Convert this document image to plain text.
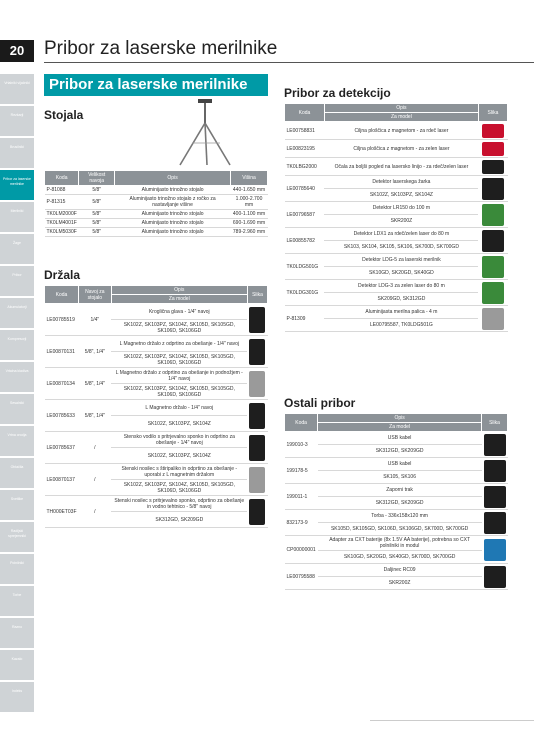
20	Pribor za laserske merilnike
Vrtalniki vijačniki
Rezkarji
Brusilniki
Pribor za laserske merilnike
Merilniki
Žage
Pribor
Akumulatorji
Kompresorji
Vrtalna kladiva
Sesalniki
Vrtna orodja
Oblačila
Svetilke
Radijski sprejemniki
Polnilniki
Torbe
Razno
Kazalo
Indeks
Pribor za laserske merilnike
Stojala
Koda	Velikost navoja	Opis	Višina
P-81088	5/8"	Aluminijasto trinožno stojalo	440-1.650 mm
P-81315	5/8"	Aluminijasto trinožno stojalo z ročko za nastavljanje višine	1.000-2.700 mm
TK0LM2000F	5/8"	Aluminijasto trinožno stojalo	400-1.100 mm
TK0LM4001F	5/8"	Aluminijasto trinožno stojalo	690-1.690 mm
TK0LM5030F	5/8"	Aluminijasto trinožno stojalo	789-2.960 mm
Držala
Koda	Navoj za stojalo	Opis	Slika
		Za model	
LE00785519	1/4"	Kroglična glava - 1/4" navoj	

		SK102Z, SK103PZ, SK104Z, SK105D, SK105GD, SK106D, SK106GD	
LE00870131	5/8", 1/4"	L Magnetno držalo z odprtino za obešanje - 1/4" navoj	

		SK102Z, SK103PZ, SK104Z, SK105D, SK105GD, SK106D, SK106GD	
LE00870134	5/8", 1/4"	L Magnetno držalo z odprtino za obešanje in podnožjem - 1/4" navoj	

		SK102Z, SK103PZ, SK104Z, SK105D, SK105GD, SK106D, SK106GD	
LE00785633	5/8", 1/4"	L Magnetno držalo - 1/4" navoj	

		SK102Z, SK103PZ, SK104Z	
LE00785637	/	Stensko vodilo s pritrjevalno sponko in odprtino za obešanje - 1/4" navoj	

		SK102Z, SK103PZ, SK104Z	
LE00870137	/	Stenski nosilec s štiripaliko in odprtino za obešanje - uporabi z L magnetnim držalom	

		SK102Z, SK103PZ, SK104Z, SK105D, SK105GD, SK106D, SK106GD	
TH000ET03F	/	Stenski nosilec s pritrjevalno sponko, odprtino za obešanje in vodno tehtnico - 5/8" navoj	

		SK312GD, SK209GD	
Pribor za detekcijo
Koda	Opis	Slika
	Za model	
LE00758831	Ciljna ploščica z magnetom - za rdeč laser	

LE00823195	Ciljna ploščica z magnetom - za zelen laser	

TK0LBG2000	Očala za boljši pogled na lasersko linijo - za rdeč/zelen laser	

LE00785640	Detektor laserskega žarka	

	SK102Z, SK103PZ, SK104Z	
LE00796587	Detektor LR150 do 100 m	

	SKR200Z	
LE00855782	Detektor LDX1 za rdeč/zelen laser do 80 m	

	SK103, SK104, SK105, SK106, SK700D, SK700GD	
TK0LDG501G	Detektor LDG-5 za laserski merilnik	

	SK10GD, SK20GD, SK40GD	
TK0LDG301G	Detektor LDG-3 za zelen laser do 80 m	

	SK209GD, SK312GD	
P-81309	Aluminijasta merilna palica - 4 m	

	LE00795587, TK0LDG501G	
Ostali pribor
Koda	Opis	Slika
	Za model	
199010-3	USB kabel	

	SK312GD, SK209GD	
199178-5	USB kabel	

	SK105, SK106	
199011-1	Zaporni trak	

	SK312GD, SK209GD	
832173-9	Torba - 336x158x120 mm	

	SK105D, SK105GD, SK106D, SK106GD, SK700D, SK700GD	
CP00000001	Adapter za CXT baterije (8x 1.5V AA baterije), potrebna so CXT polnilniki in modul	

	SK10GD, SK20GD, SK40GD, SK700D, SK700GD	
LE00795588	Daljinec RC09	

	SKR200Z	
